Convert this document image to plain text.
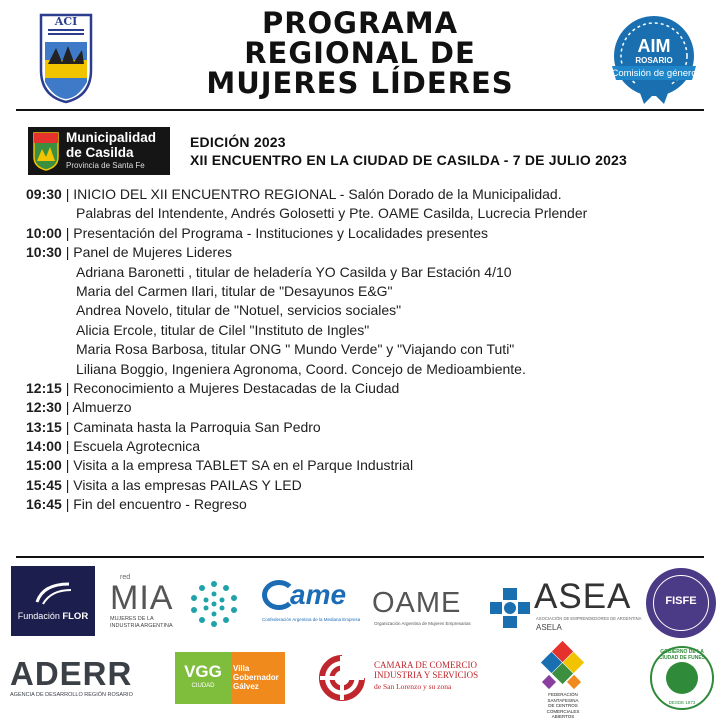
ACI	PROGRAMA
REGIONAL DE
MUJERES LÍDERES
AIM
ROSARIO
Comisión de género
Municipalidad
de Casilda
Provincia de Santa Fe
EDICIÓN 2023
XII ENCUENTRO EN LA CIUDAD DE CASILDA - 7 DE JULIO 2023
09:30 | INICIO DEL XII ENCUENTRO REGIONAL - Salón Dorado de la Municipalidad.
Palabras del Intendente, Andrés Golosetti y Pte. OAME Casilda, Lucrecia Prlender
10:00 | Presentación del Programa - Instituciones y Localidades presentes
10:30 | Panel de Mujeres Lideres
Adriana Baronetti , titular de heladería YO Casilda y Bar Estación 4/10
Maria del Carmen Ilari, titular de "Desayunos E&G"
Andrea Novelo, titular de "Notuel, servicios sociales"
Alicia Ercole, titular de Cilel "Instituto de Ingles"
Maria Rosa Barbosa, titular ONG " Mundo Verde" y "Viajando con Tuti"
Liliana Boggio, Ingeniera Agronoma, Coord. Concejo de Medioambiente.
12:15 | Reconocimiento a Mujeres Destacadas de la Ciudad
12:30 | Almuerzo
13:15 | Caminata hasta la Parroquia San Pedro
14:00 | Escuela Agrotecnica
15:00 | Visita a la empresa TABLET SA en el Parque Industrial
15:45 | Visita a las empresas PAILAS Y LED
16:45 | Fin del encuentro - Regreso
Fundación FLOR
red
MIA
MUJERES DE LA
INDUSTRIA ARGENTINA
ame
Confederación Argentina de la Mediana Empresa
OAME
Organización Argentina de Mujeres Empresarias
ASEA
ASOCIACIÓN DE EMPRENDEDORES DE ARGENTINA
ASELA
FISFE
ADERR
AGENCIA DE DESARROLLO REGIÓN ROSARIO
VGG
CIUDAD
Villa
Gobernador
Gálvez
CAMARA DE COMERCIO
INDUSTRIA Y SERVICIOS
de San Lorenzo y su zona
FEDERACIÓN
SANTAFESINA
DE CENTROS COMERCIALES
ABIERTOS
GOBIERNO DE LA CIUDAD DE FUNES
DESDE 1873
